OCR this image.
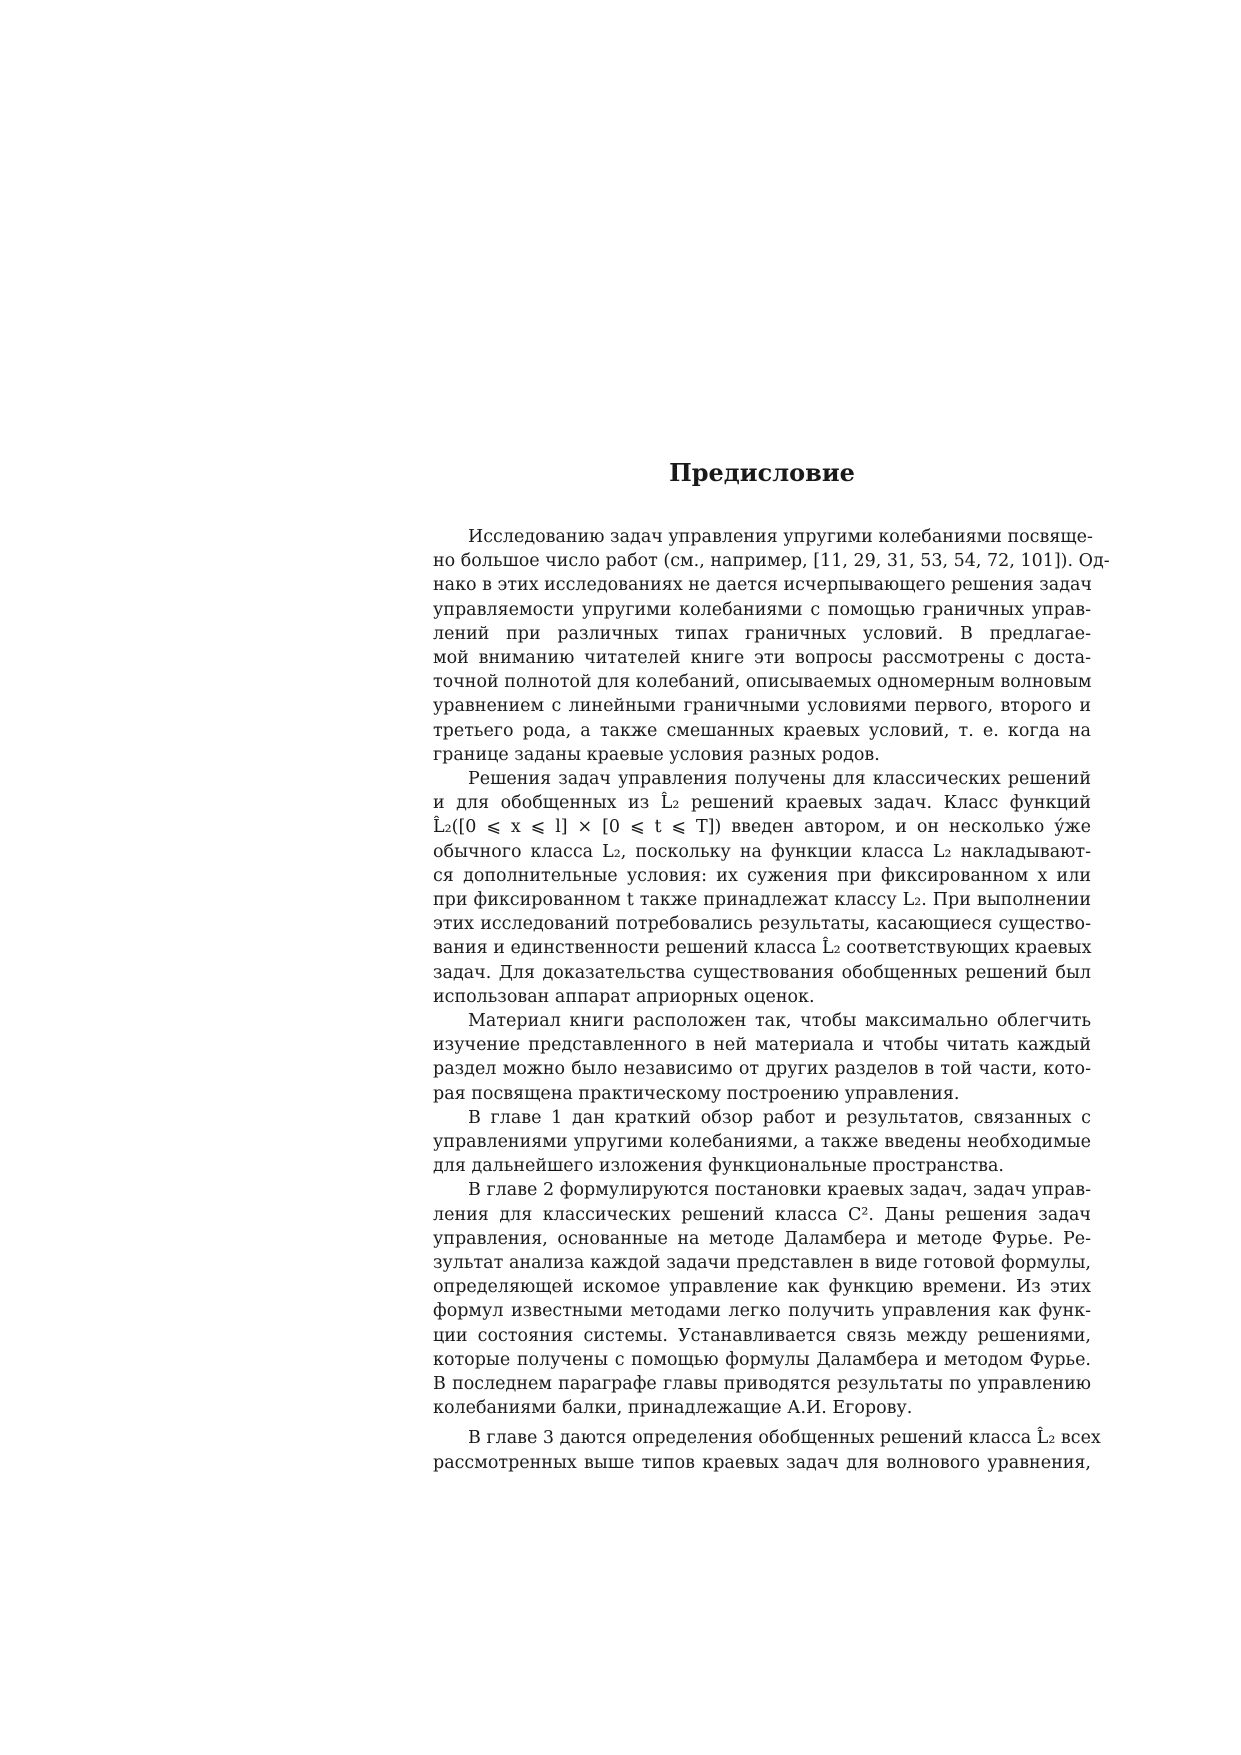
Предисловие
Исследованию задач управления упругими колебаниями посвяще-
но большое число работ (см., например, [11, 29, 31, 53, 54, 72, 101]). Од-
нако в этих исследованиях не дается исчерпывающего решения задач
управляемости упругими колебаниями с помощью граничных управ-
лений при различных типах граничных условий. В предлагае-
мой вниманию читателей книге эти вопросы рассмотрены с доста-
точной полнотой для колебаний, описываемых одномерным волновым
уравнением с линейными граничными условиями первого, второго и
третьего рода, а также смешанных краевых условий, т. е. когда на
границе заданы краевые условия разных родов.
Решения задач управления получены для классических решений
и для обобщенных из L̂₂ решений краевых задач. Класс функций
L̂₂([0 ⩽ x ⩽ l] × [0 ⩽ t ⩽ T]) введен автором, и он несколько у́же
обычного класса L₂, поскольку на функции класса L₂ накладывают-
ся дополнительные условия: их сужения при фиксированном x или
при фиксированном t также принадлежат классу L₂. При выполнении
этих исследований потребовались результаты, касающиеся существо-
вания и единственности решений класса L̂₂ соответствующих краевых
задач. Для доказательства существования обобщенных решений был
использован аппарат априорных оценок.
Материал книги расположен так, чтобы максимально облегчить
изучение представленного в ней материала и чтобы читать каждый
раздел можно было независимо от других разделов в той части, кото-
рая посвящена практическому построению управления.
В главе 1 дан краткий обзор работ и результатов, связанных с
управлениями упругими колебаниями, а также введены необходимые
для дальнейшего изложения функциональные пространства.
В главе 2 формулируются постановки краевых задач, задач управ-
ления для классических решений класса C². Даны решения задач
управления, основанные на методе Даламбера и методе Фурье. Ре-
зультат анализа каждой задачи представлен в виде готовой формулы,
определяющей искомое управление как функцию времени. Из этих
формул известными методами легко получить управления как функ-
ции состояния системы. Устанавливается связь между решениями,
которые получены с помощью формулы Даламбера и методом Фурье.
В последнем параграфе главы приводятся результаты по управлению
колебаниями балки, принадлежащие А.И. Егорову.
В главе 3 даются определения обобщенных решений класса L̂₂ всех
рассмотренных выше типов краевых задач для волнового уравнения,
